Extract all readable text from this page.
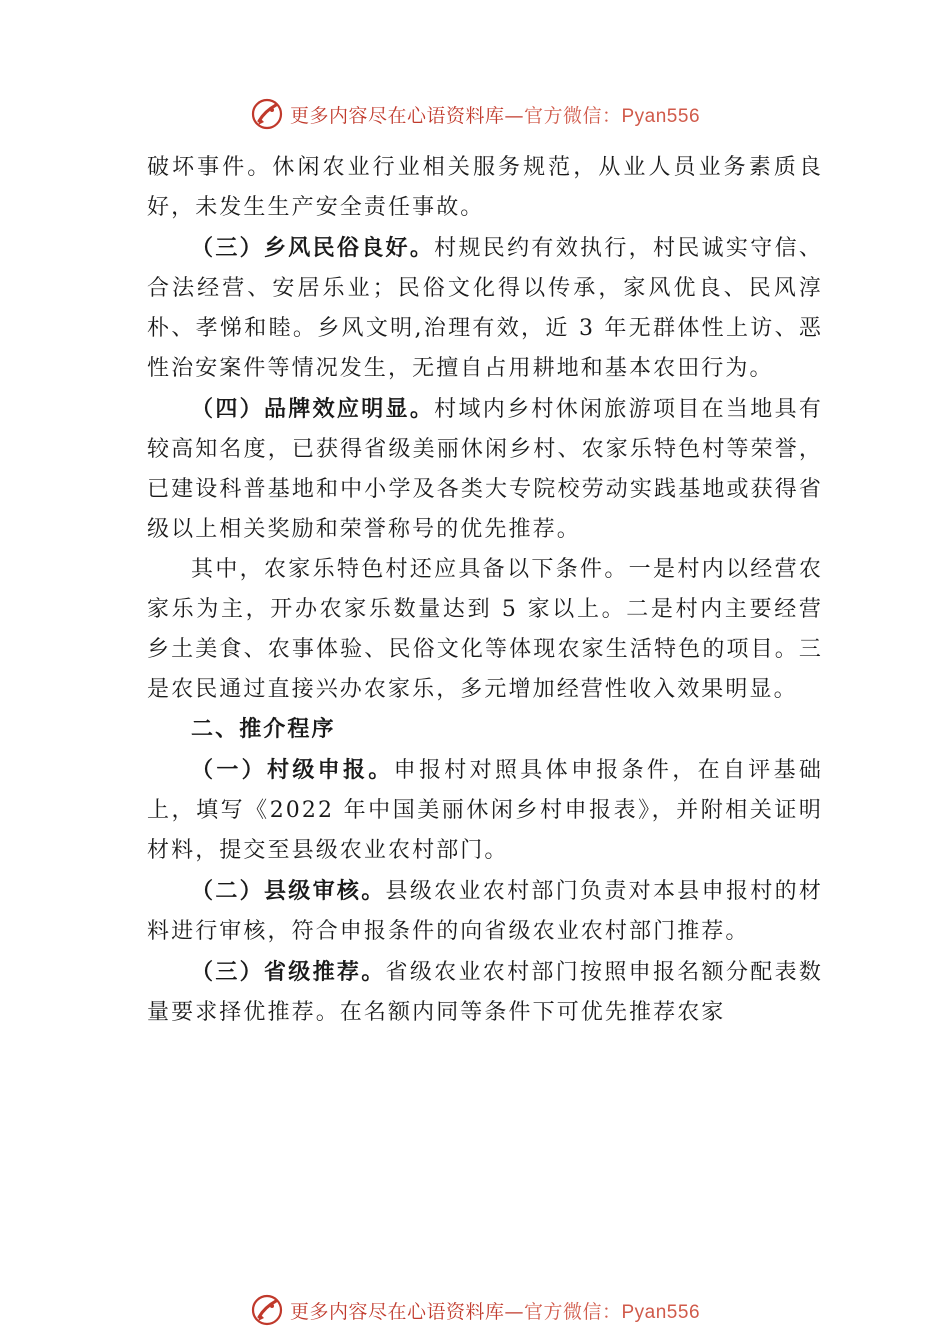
更多内容尽在心语资料库—官方微信：Pyan556

破坏事件。休闲农业行业相关服务规范，从业人员业务素质良好，未发生生产安全责任事故。

（三）乡风民俗良好。村规民约有效执行，村民诚实守信、合法经营、安居乐业；民俗文化得以传承，家风优良、民风淳朴、孝悌和睦。乡风文明,治理有效，近 3 年无群体性上访、恶性治安案件等情况发生，无擅自占用耕地和基本农田行为。

（四）品牌效应明显。村域内乡村休闲旅游项目在当地具有较高知名度，已获得省级美丽休闲乡村、农家乐特色村等荣誉，已建设科普基地和中小学及各类大专院校劳动实践基地或获得省级以上相关奖励和荣誉称号的优先推荐。

其中，农家乐特色村还应具备以下条件。一是村内以经营农家乐为主，开办农家乐数量达到 5 家以上。二是村内主要经营乡土美食、农事体验、民俗文化等体现农家生活特色的项目。三是农民通过直接兴办农家乐，多元增加经营性收入效果明显。

二、推介程序

（一）村级申报。申报村对照具体申报条件，在自评基础上，填写《2022 年中国美丽休闲乡村申报表》，并附相关证明材料，提交至县级农业农村部门。

（二）县级审核。县级农业农村部门负责对本县申报村的材料进行审核，符合申报条件的向省级农业农村部门推荐。

（三）省级推荐。省级农业农村部门按照申报名额分配表数量要求择优推荐。在名额内同等条件下可优先推荐农家

更多内容尽在心语资料库—官方微信：Pyan556
